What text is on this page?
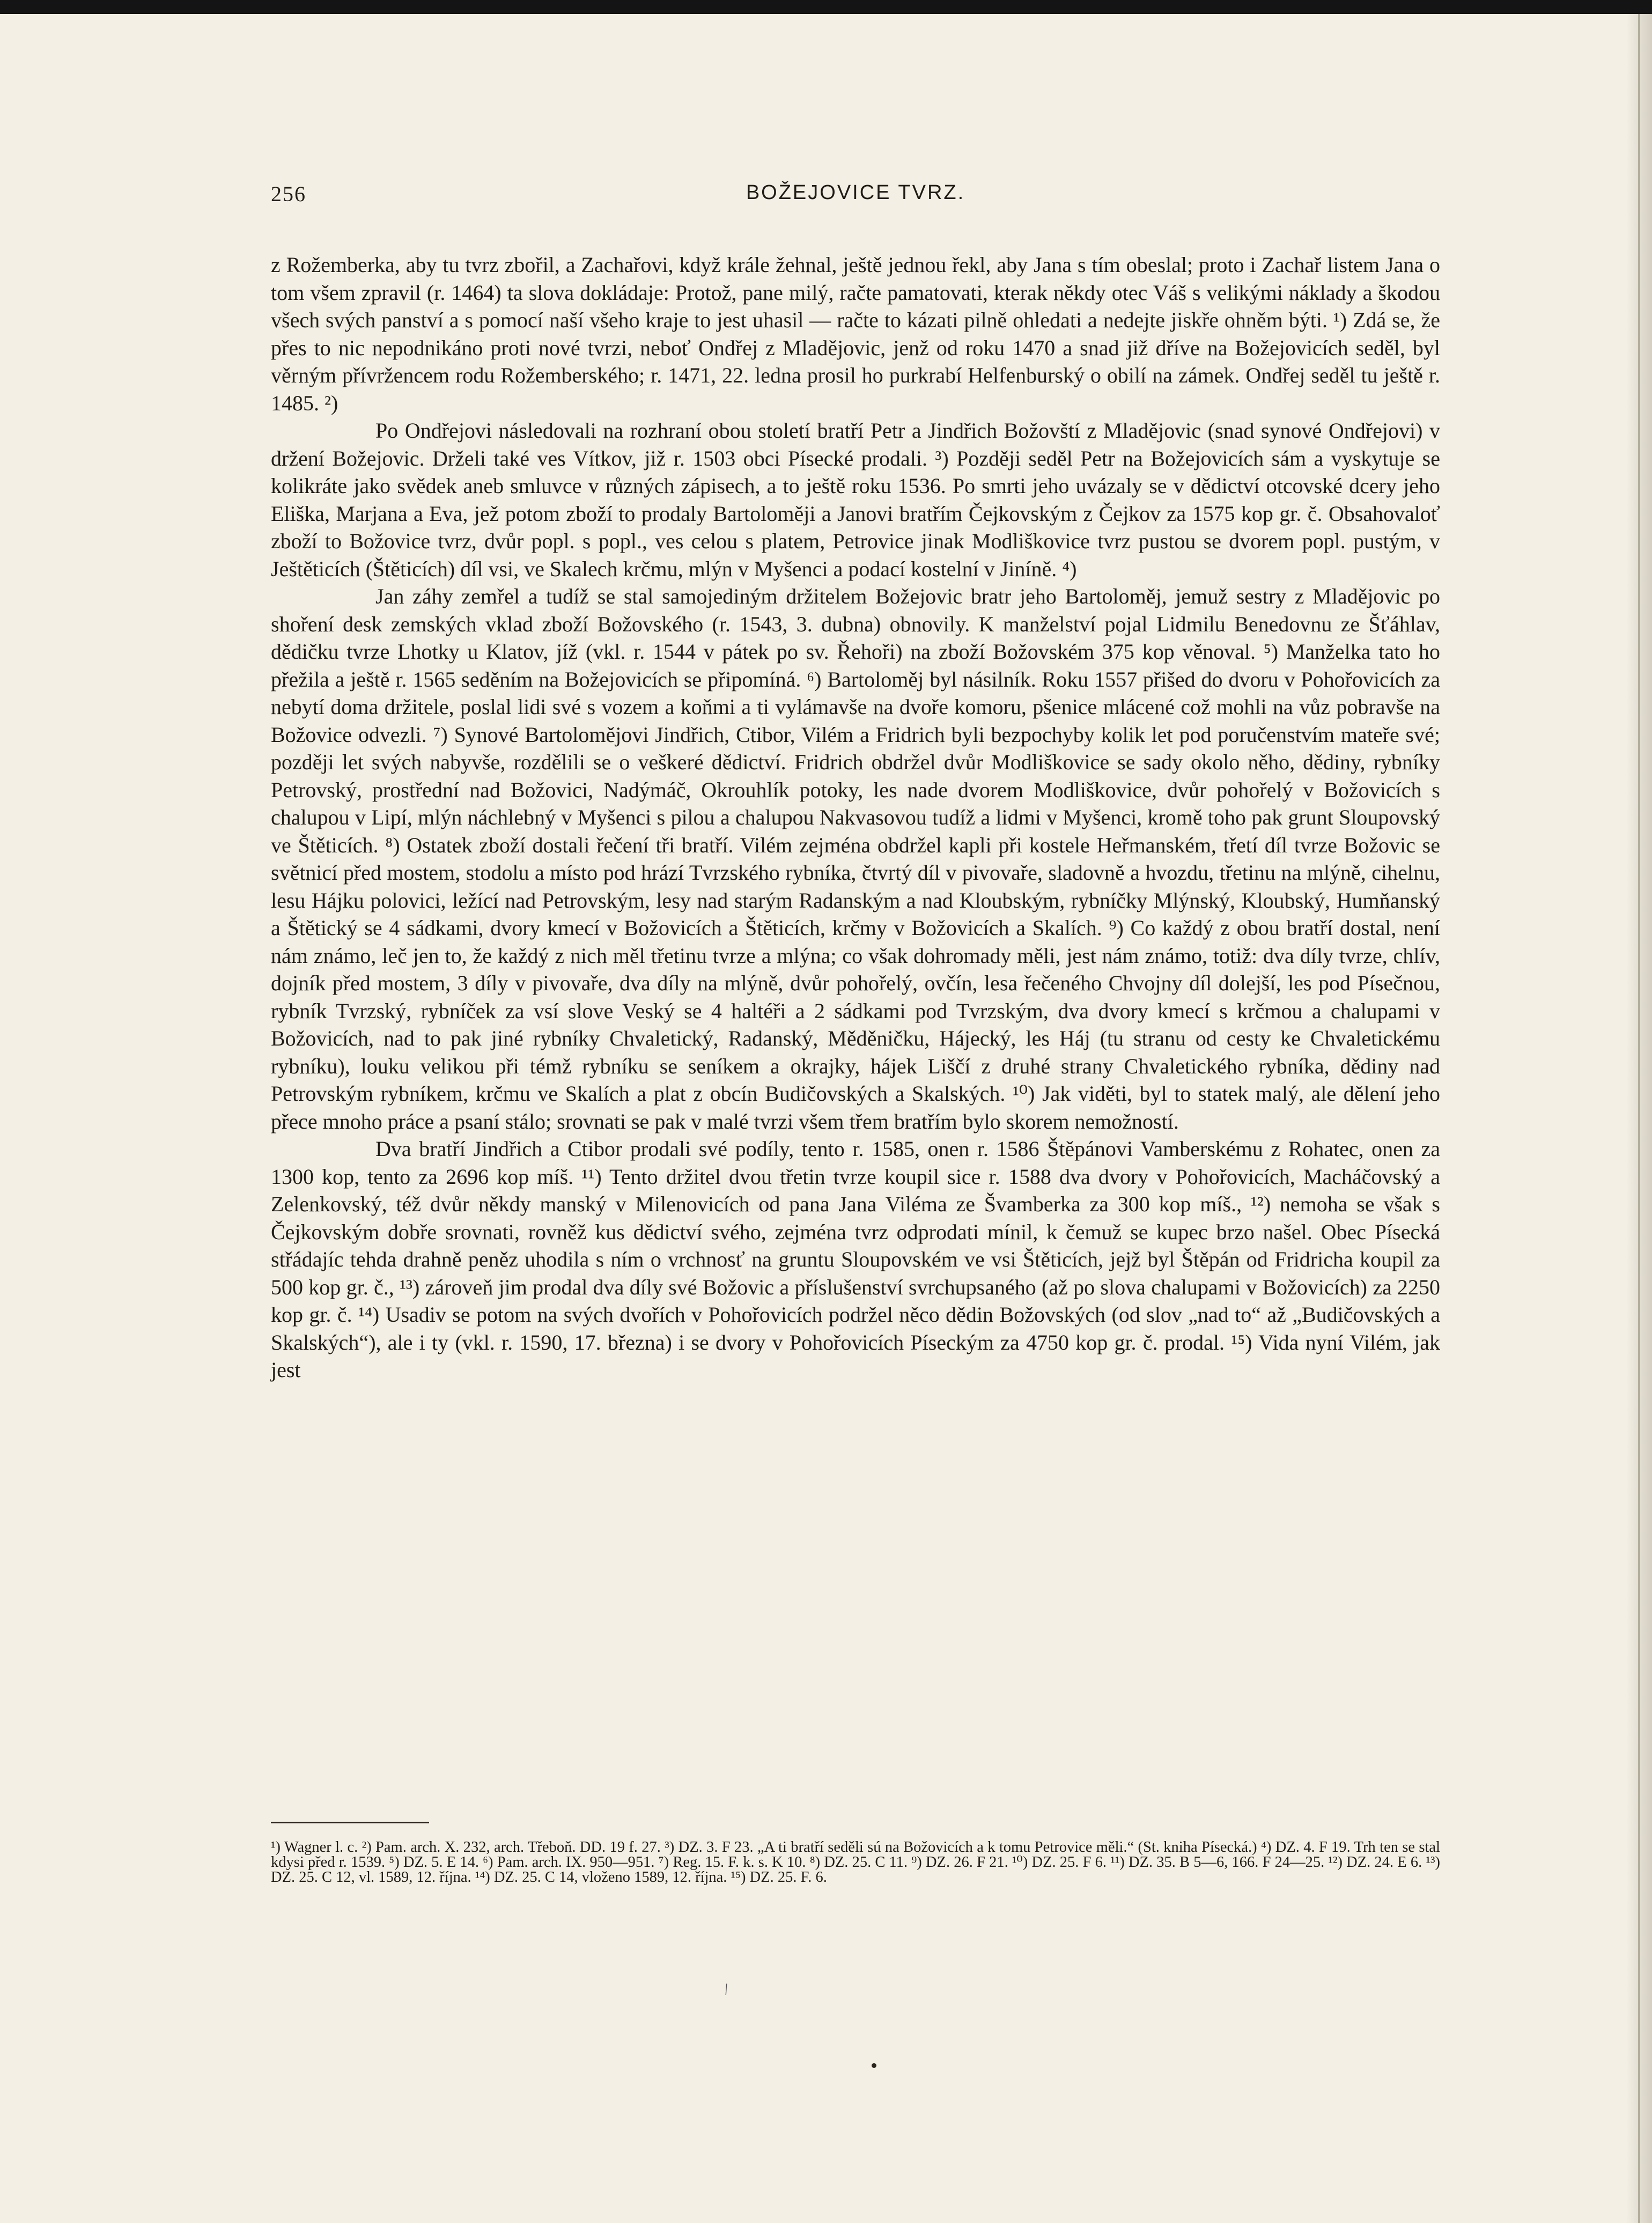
256	BOŽEJOVICE TVRZ.

z Rožemberka, aby tu tvrz zbořil, a Zachařovi, když krále žehnal, ještě jednou řekl, aby Jana s tím obeslal; proto i Zachař listem Jana o tom všem zpravil (r. 1464) ta slova dokládaje: Protož, pane milý, račte pamatovati, kterak někdy otec Váš s velikými náklady a škodou všech svých panství a s pomocí naší všeho kraje to jest uhasil — račte to kázati pilně ohledati a nedejte jiskře ohněm býti. ¹) Zdá se, že přes to nic nepodnikáno proti nové tvrzi, neboť Ondřej z Mladějovic, jenž od roku 1470 a snad již dříve na Božejovicích seděl, byl věrným přívržencem rodu Rožemberského; r. 1471, 22. ledna prosil ho purkrabí Helfenburský o obilí na zámek. Ondřej seděl tu ještě r. 1485. ²)

Po Ondřejovi následovali na rozhraní obou století bratří Petr a Jindřich Božovští z Mladějovic (snad synové Ondřejovi) v držení Božejovic. Drželi také ves Vítkov, již r. 1503 obci Písecké prodali. ³) Později seděl Petr na Božejovicích sám a vyskytuje se kolikráte jako svědek aneb smluvce v různých zápisech, a to ještě roku 1536. Po smrti jeho uvázaly se v dědictví otcovské dcery jeho Eliška, Marjana a Eva, jež potom zboží to prodaly Bartoloměji a Janovi bratřím Čejkovským z Čejkov za 1575 kop gr. č. Obsahovaloť zboží to Božovice tvrz, dvůr popl. s popl., ves celou s platem, Petrovice jinak Modliškovice tvrz pustou se dvorem popl. pustým, v Ještěticích (Štěticích) díl vsi, ve Skalech krčmu, mlýn v Myšenci a podací kostelní v Jiníně. ⁴)

Jan záhy zemřel a tudíž se stal samojediným držitelem Božejovic bratr jeho Bartoloměj, jemuž sestry z Mladějovic po shoření desk zemských vklad zboží Božovského (r. 1543, 3. dubna) obnovily. K manželství pojal Lidmilu Benedovnu ze Šťáhlav, dědičku tvrze Lhotky u Klatov, jíž (vkl. r. 1544 v pátek po sv. Řehoři) na zboží Božovském 375 kop věnoval. ⁵) Manželka tato ho přežila a ještě r. 1565 seděním na Božejovicích se připomíná. ⁶) Bartoloměj byl násilník. Roku 1557 přišed do dvoru v Pohořovicích za nebytí doma držitele, poslal lidi své s vozem a koňmi a ti vylámavše na dvoře komoru, pšenice mlácené což mohli na vůz pobravše na Božovice odvezli. ⁷) Synové Bartolomějovi Jindřich, Ctibor, Vilém a Fridrich byli bezpochyby kolik let pod poručenstvím mateře své; později let svých nabyvše, rozdělili se o veškeré dědictví. Fridrich obdržel dvůr Modliškovice se sady okolo něho, dědiny, rybníky Petrovský, prostřední nad Božovici, Nadýmáč, Okrouhlík potoky, les nade dvorem Modliškovice, dvůr pohořelý v Božovicích s chalupou v Lipí, mlýn náchlebný v Myšenci s pilou a chalupou Nakvasovou tudíž a lidmi v Myšenci, kromě toho pak grunt Sloupovský ve Štěticích. ⁸) Ostatek zboží dostali řečení tři bratří. Vilém zejména obdržel kapli při kostele Heřmanském, třetí díl tvrze Božovic se světnicí před mostem, stodolu a místo pod hrází Tvrzského rybníka, čtvrtý díl v pivovaře, sladovně a hvozdu, třetinu na mlýně, cihelnu, lesu Hájku polovici, ležící nad Petrovským, lesy nad starým Radanským a nad Kloubským, rybníčky Mlýnský, Kloubský, Humňanský a Štětický se 4 sádkami, dvory kmecí v Božovicích a Štěticích, krčmy v Božovicích a Skalích. ⁹) Co každý z obou bratří dostal, není nám známo, leč jen to, že každý z nich měl třetinu tvrze a mlýna; co však dohromady měli, jest nám známo, totiž: dva díly tvrze, chlív, dojník před mostem, 3 díly v pivovaře, dva díly na mlýně, dvůr pohořelý, ovčín, lesa řečeného Chvojny díl dolejší, les pod Písečnou, rybník Tvrzský, rybníček za vsí slove Veský se 4 haltéři a 2 sádkami pod Tvrzským, dva dvory kmecí s krčmou a chalupami v Božovicích, nad to pak jiné rybníky Chvaletický, Radanský, Měděničku, Hájecký, les Háj (tu stranu od cesty ke Chvaletickému rybníku), louku velikou při témž rybníku se seníkem a okrajky, hájek Liščí z druhé strany Chvaletického rybníka, dědiny nad Petrovským rybníkem, krčmu ve Skalích a plat z obcín Budičovských a Skalských. ¹⁰) Jak viděti, byl to statek malý, ale dělení jeho přece mnoho práce a psaní stálo; srovnati se pak v malé tvrzi všem třem bratřím bylo skorem nemožností.

Dva bratří Jindřich a Ctibor prodali své podíly, tento r. 1585, onen r. 1586 Štěpánovi Vamberskému z Rohatec, onen za 1300 kop, tento za 2696 kop míš. ¹¹) Tento držitel dvou třetin tvrze koupil sice r. 1588 dva dvory v Pohořovicích, Macháčovský a Zelenkovský, též dvůr někdy manský v Milenovicích od pana Jana Viléma ze Švamberka za 300 kop míš., ¹²) nemoha se však s Čejkovským dobře srovnati, rovněž kus dědictví svého, zejména tvrz odprodati mínil, k čemuž se kupec brzo našel. Obec Písecká střádajíc tehda drahně peněz uhodila s ním o vrchnosť na gruntu Sloupovském ve vsi Štěticích, jejž byl Štěpán od Fridricha koupil za 500 kop gr. č., ¹³) zároveň jim prodal dva díly své Božovic a příslušenství svrchupsaného (až po slova chalupami v Božovicích) za 2250 kop gr. č. ¹⁴) Usadiv se potom na svých dvořích v Pohořovicích podržel něco dědin Božovských (od slov „nad to“ až „Budičovských a Skalských“), ale i ty (vkl. r. 1590, 17. března) i se dvory v Pohořovicích Píseckým za 4750 kop gr. č. prodal. ¹⁵) Vida nyní Vilém, jak jest

¹) Wagner l. c. ²) Pam. arch. X. 232, arch. Třeboň. DD. 19 f. 27. ³) DZ. 3. F 23. „A ti bratří seděli sú na Božovicích a k tomu Petrovice měli.“ (St. kniha Písecká.) ⁴) DZ. 4. F 19. Trh ten se stal kdysi před r. 1539. ⁵) DZ. 5. E 14. ⁶) Pam. arch. IX. 950—951. ⁷) Reg. 15. F. k. s. K 10. ⁸) DZ. 25. C 11. ⁹) DZ. 26. F 21. ¹⁰) DZ. 25. F 6. ¹¹) DZ. 35. B 5—6, 166. F 24—25. ¹²) DZ. 24. E 6. ¹³) DZ. 25. C 12, vl. 1589, 12. října. ¹⁴) DZ. 25. C 14, vloženo 1589, 12. října. ¹⁵) DZ. 25. F. 6.
/
